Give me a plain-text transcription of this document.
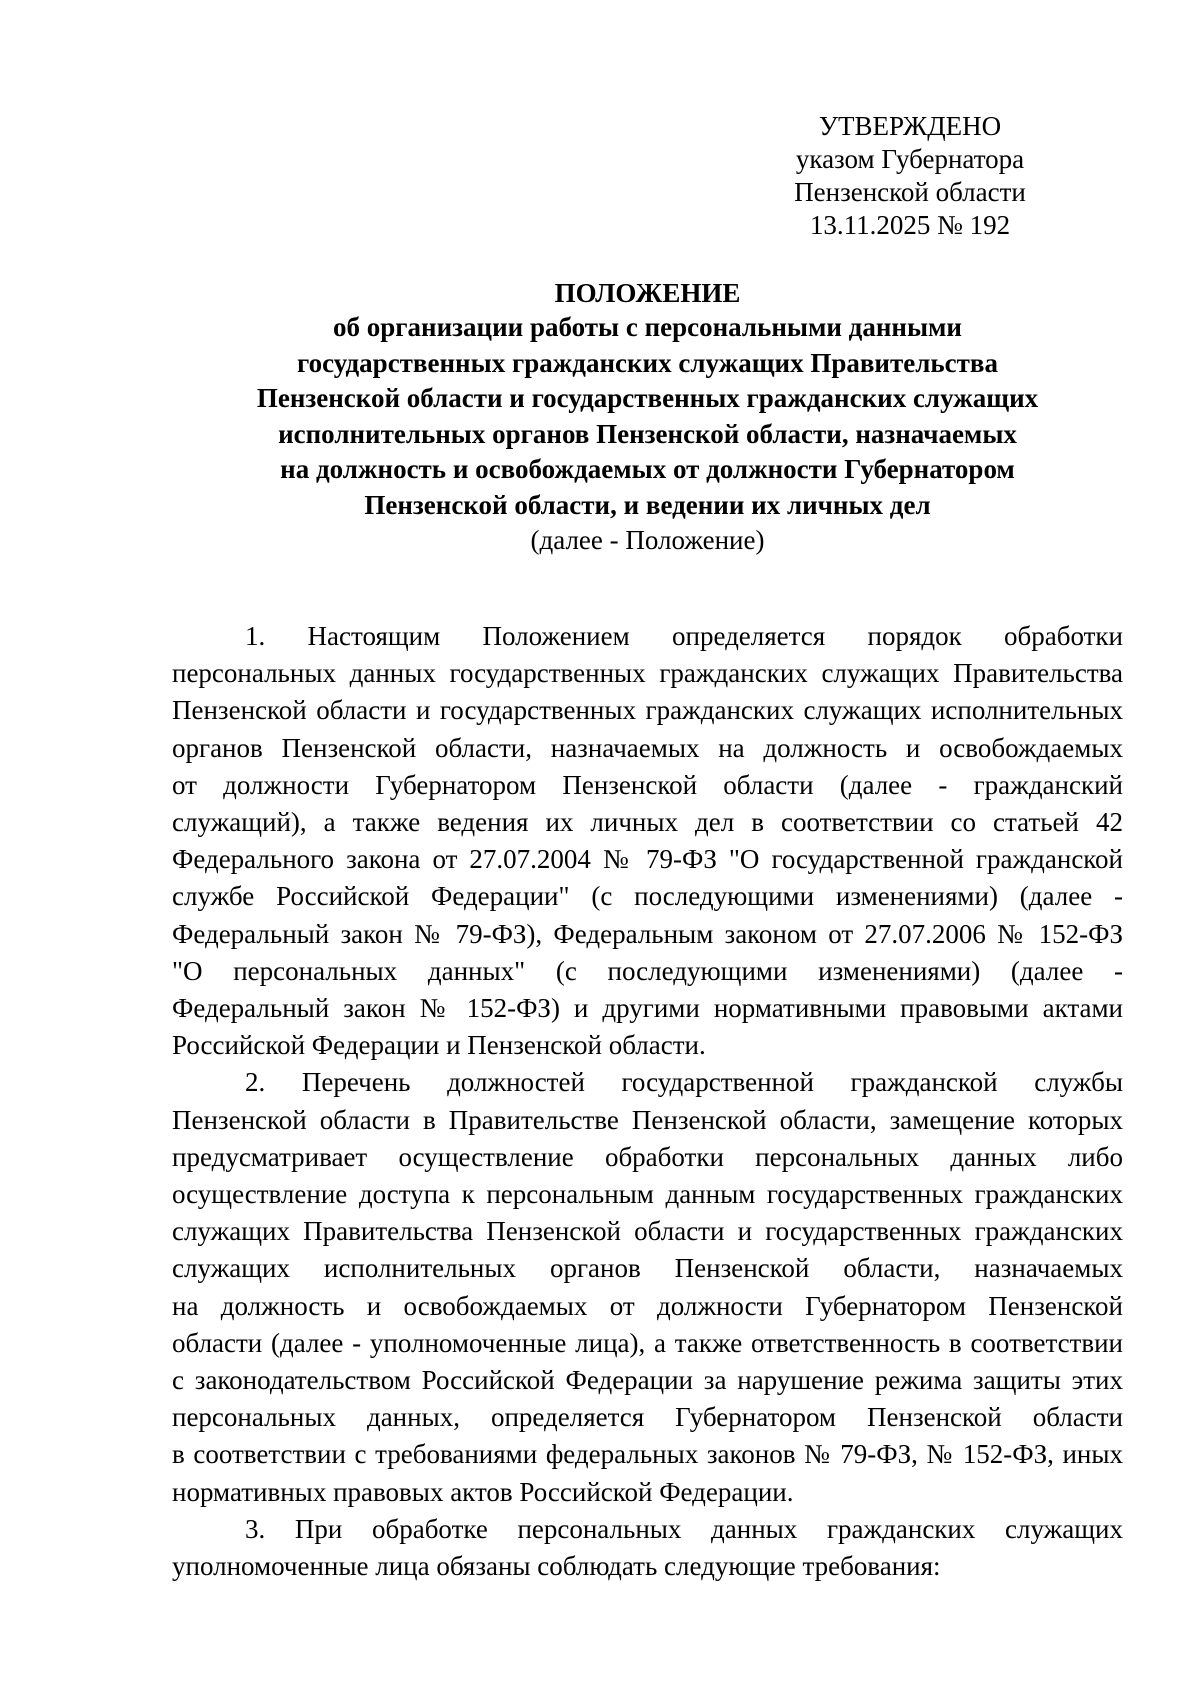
УТВЕРЖДЕНО
указом Губернатора
Пензенской области
13.11.2025 № 192

ПОЛОЖЕНИЕ

об организации работы с персональными данными

государственных гражданских служащих Правительства

Пензенской области и государственных гражданских служащих

исполнительных органов Пензенской области, назначаемых

на должность и освобождаемых от должности Губернатором

Пензенской области, и ведении их личных дел

(далее - Положение)

1. Настоящим Положением определяется порядок обработки
персональных данных государственных гражданских служащих Правительства
Пензенской области и государственных гражданских служащих исполнительных
органов Пензенской области, назначаемых на должность и освобождаемых
от должности Губернатором Пензенской области (далее - гражданский
служащий), а также ведения их личных дел в соответствии со статьей 42
Федерального закона от 27.07.2004 № 79-ФЗ "О государственной гражданской
службе Российской Федерации" (с последующими изменениями) (далее -
Федеральный закон № 79-ФЗ), Федеральным законом от 27.07.2006 № 152-ФЗ
"О персональных данных" (с последующими изменениями) (далее -
Федеральный закон № 152-ФЗ) и другими нормативными правовыми актами
Российской Федерации и Пензенской области.

2. Перечень должностей государственной гражданской службы
Пензенской области в Правительстве Пензенской области, замещение которых
предусматривает осуществление обработки персональных данных либо
осуществление доступа к персональным данным государственных гражданских
служащих Правительства Пензенской области и государственных гражданских
служащих исполнительных органов Пензенской области, назначаемых
на должность и освобождаемых от должности Губернатором Пензенской
области (далее - уполномоченные лица), а также ответственность в соответствии
с законодательством Российской Федерации за нарушение режима защиты этих
персональных данных, определяется Губернатором Пензенской области
в соответствии с требованиями федеральных законов № 79-ФЗ, № 152-ФЗ, иных
нормативных правовых актов Российской Федерации.

3. При обработке персональных данных гражданских служащих
уполномоченные лица обязаны соблюдать следующие требования:
